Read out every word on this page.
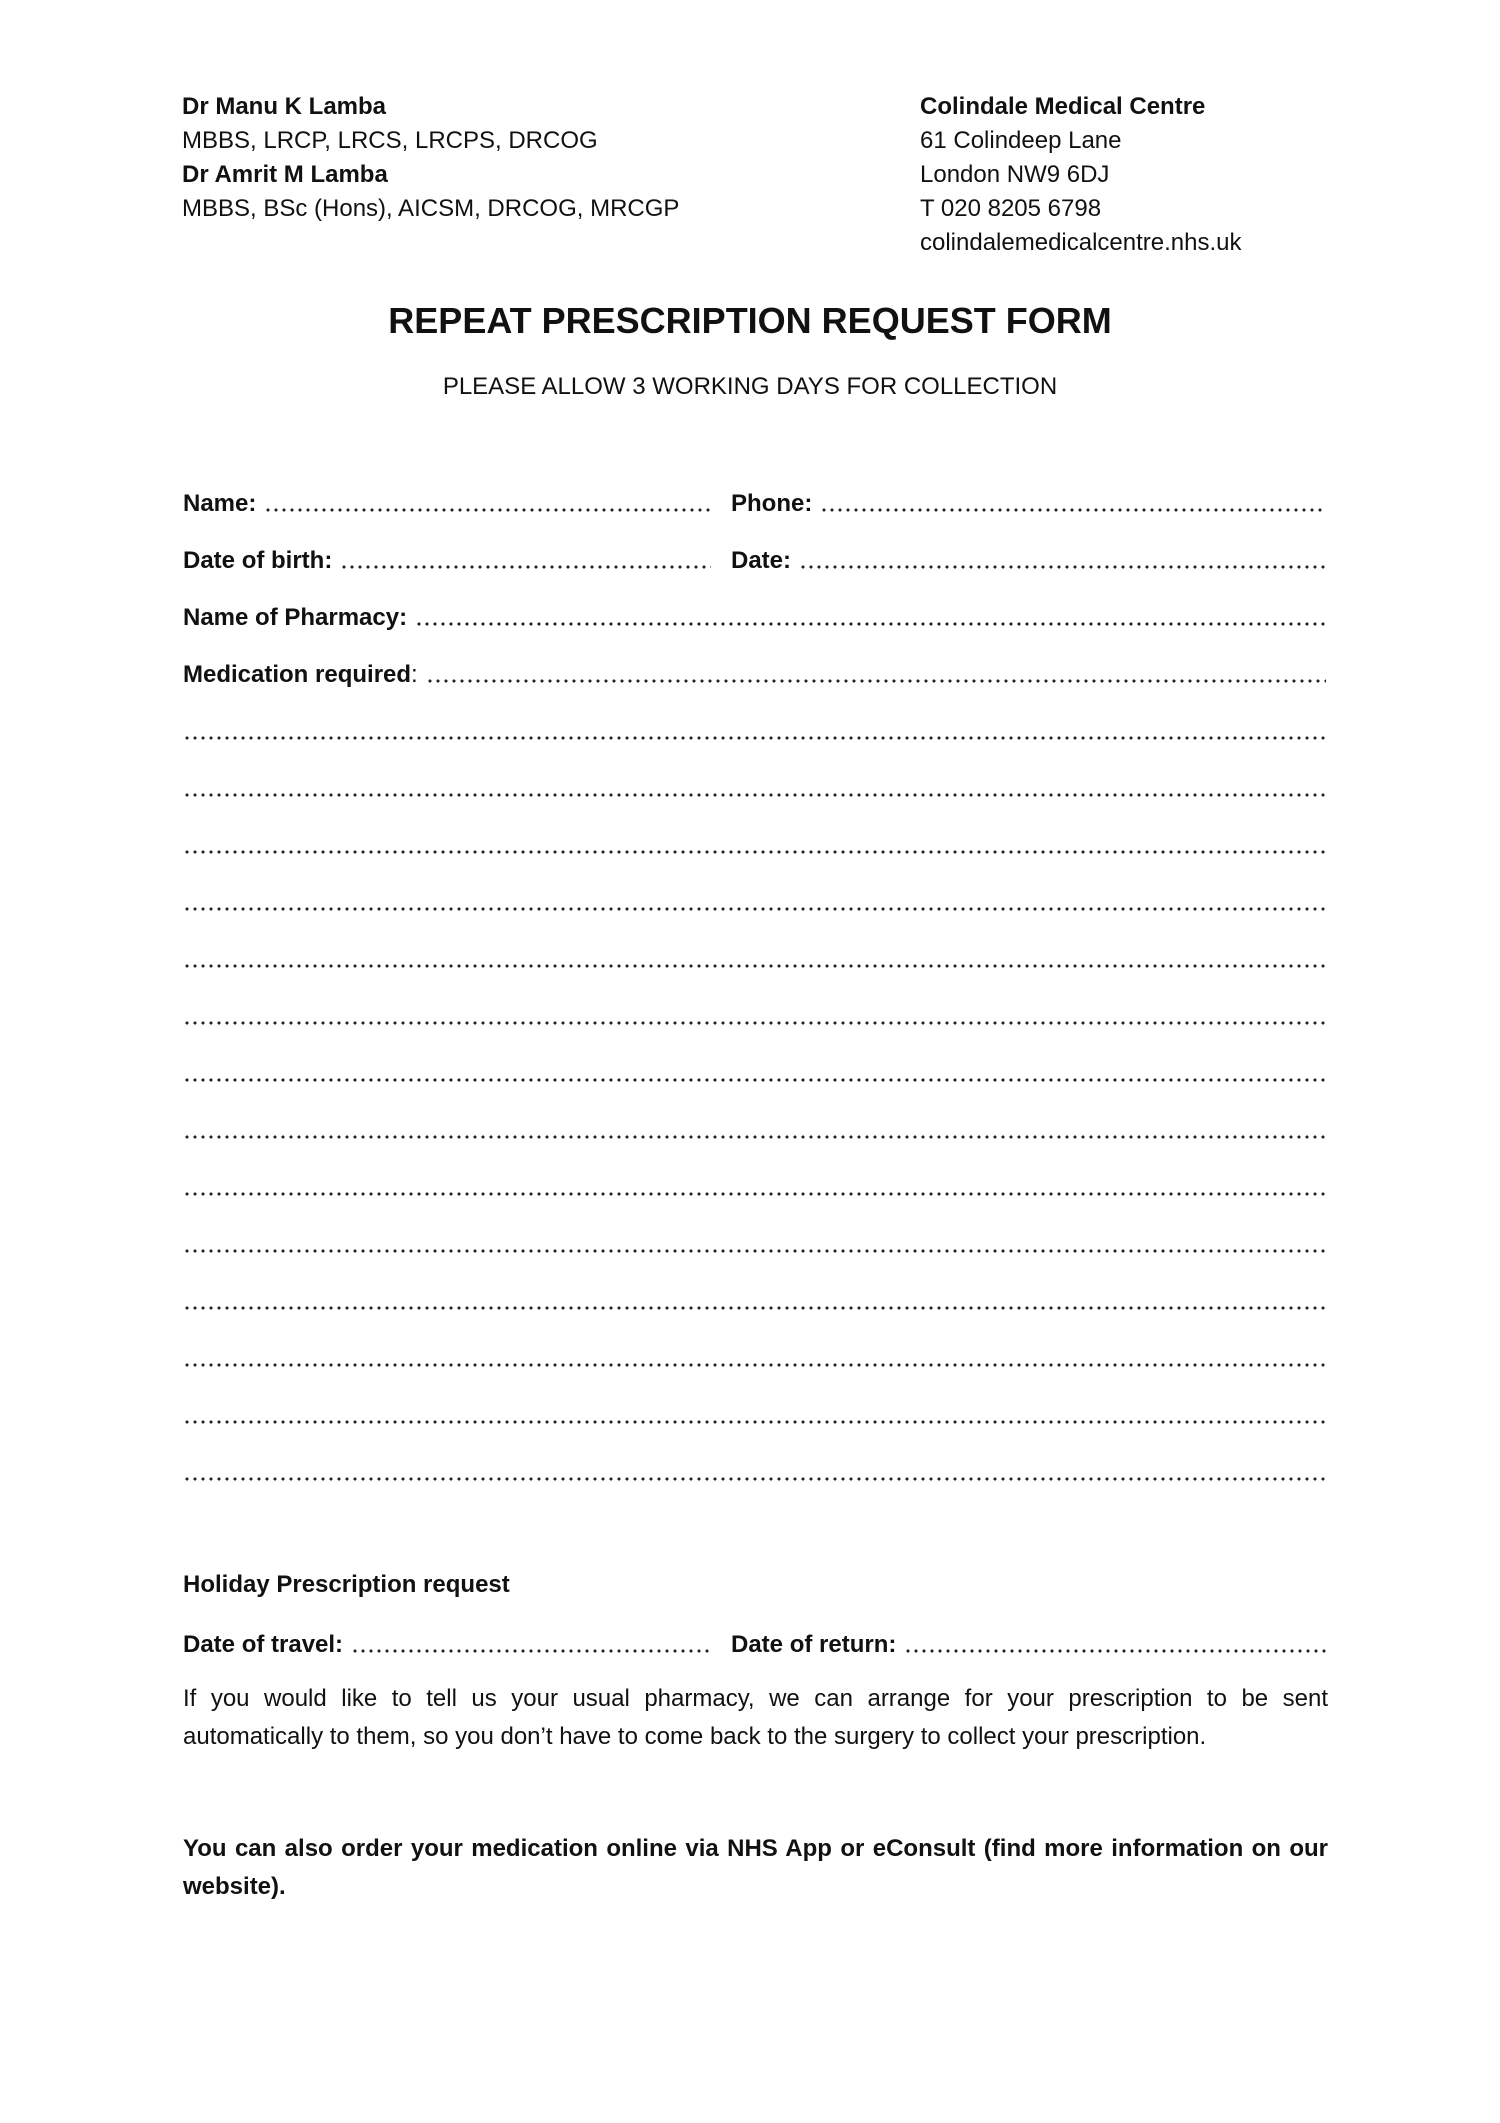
Dr Manu K Lamba
MBBS, LRCP, LRCS, LRCPS, DRCOG
Dr Amrit M Lamba
MBBS, BSc (Hons), AICSM, DRCOG, MRCGP
Colindale Medical Centre
61 Colindeep Lane
London NW9 6DJ
T 020 8205 6798
colindalemedicalcentre.nhs.uk
REPEAT PRESCRIPTION REQUEST FORM
PLEASE ALLOW 3 WORKING DAYS FOR COLLECTION
Name:	Phone:
Date of birth:	Date:
Name of Pharmacy:
Medication required:
Holiday Prescription request
Date of travel:	Date of return:
If you would like to tell us your usual pharmacy, we can arrange for your prescription to be sent automatically to them, so you don’t have to come back to the surgery to collect your prescription.
You can also order your medication online via NHS App or eConsult (find more information on our website).
